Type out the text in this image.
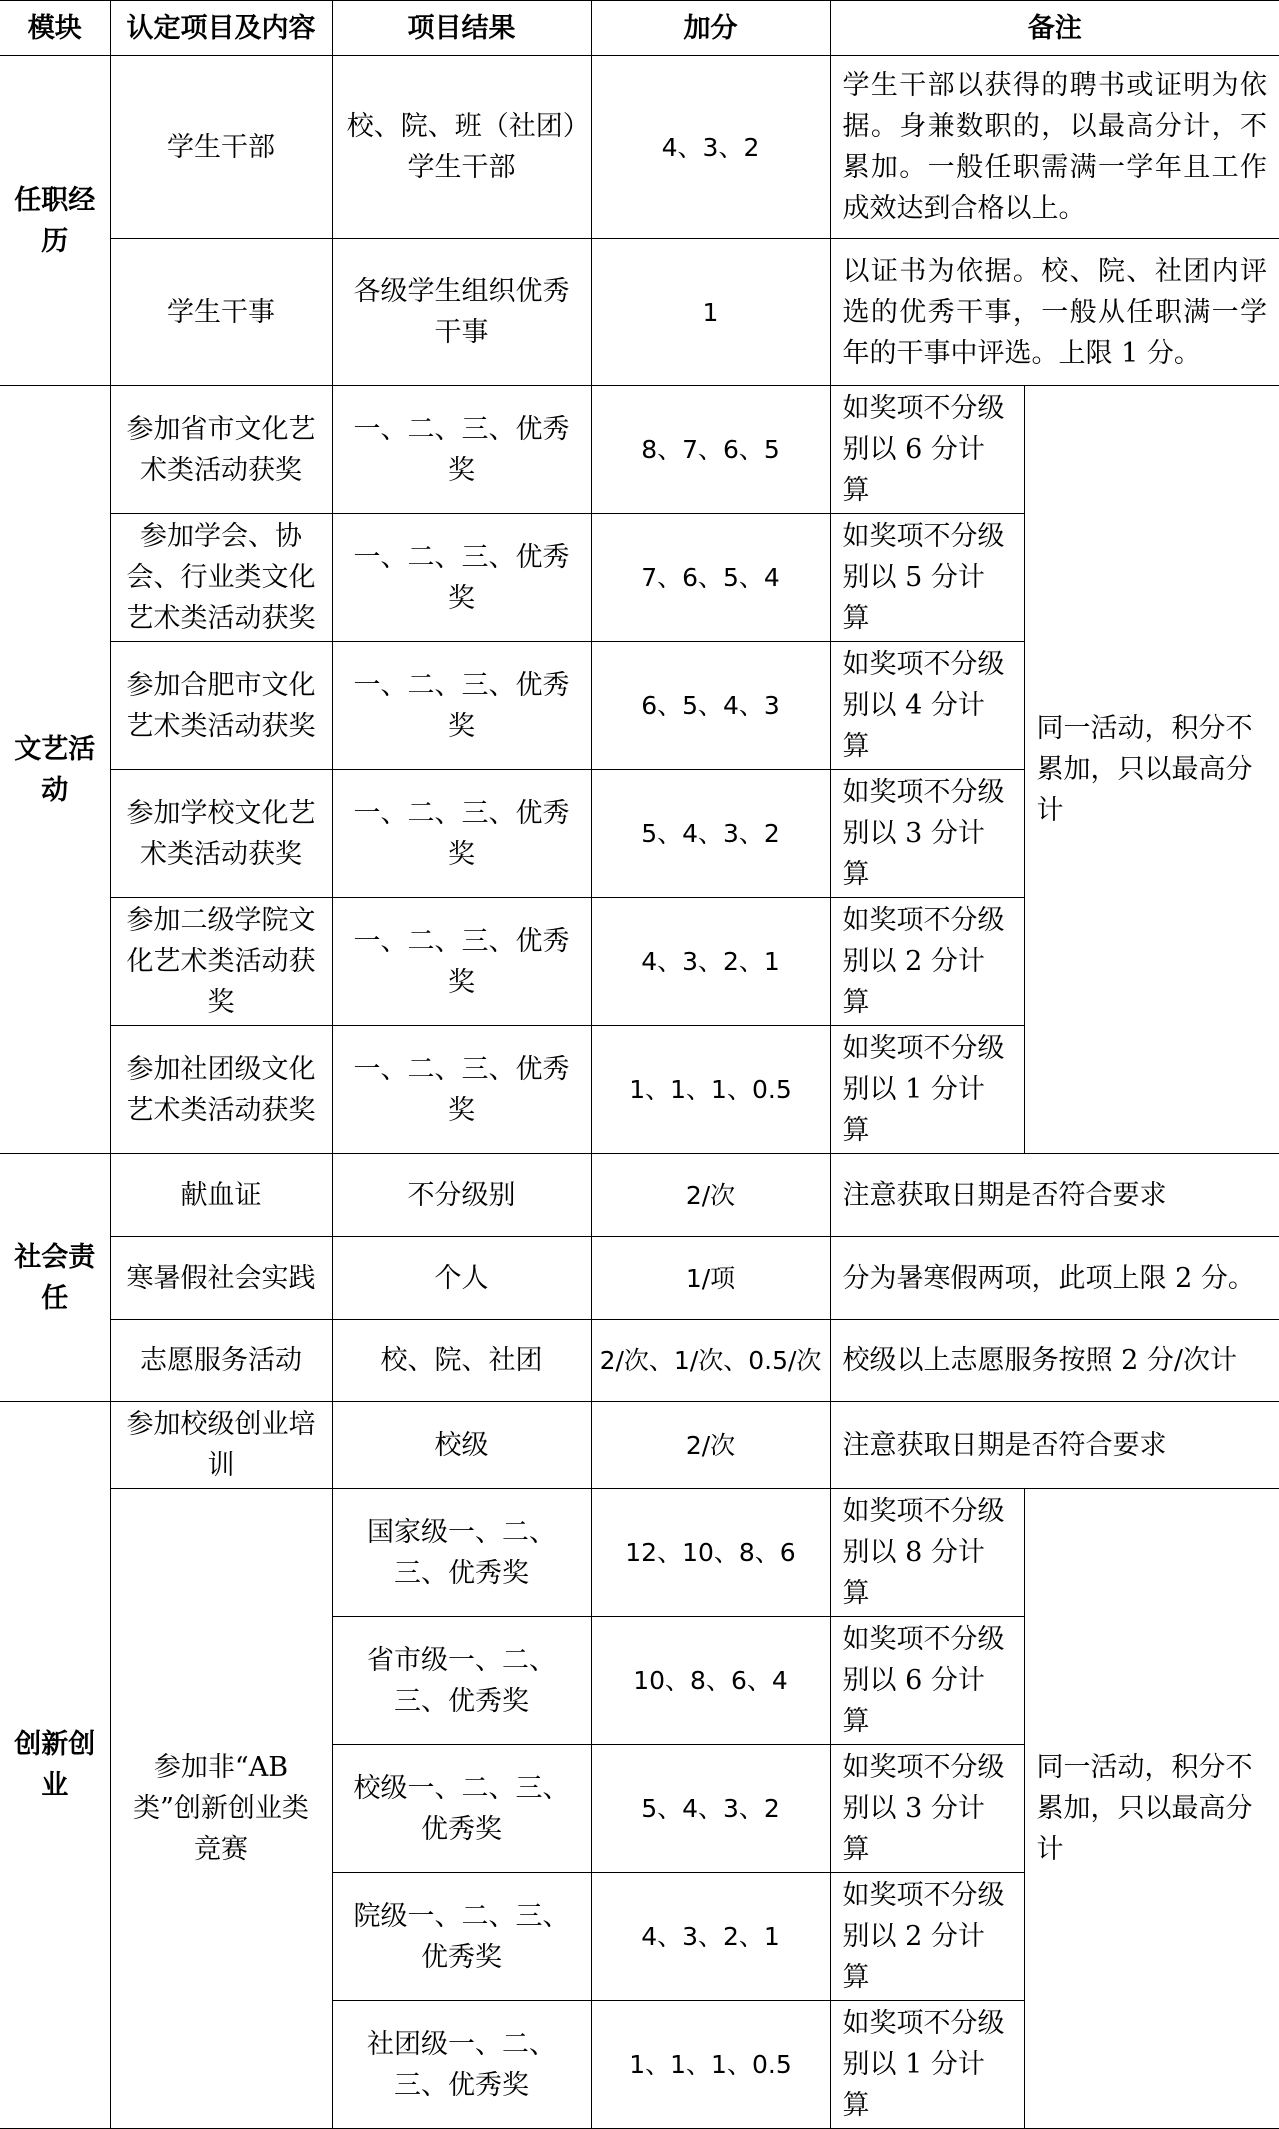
模块	认定项目及内容	项目结果	加分	备注	
任职经历	学生干部	校、院、班（社团）学生干部	4、3、2	学生干部以获得的聘书或证明为依据。身兼数职的，以最高分计，不累加。一般任职需满一学年且工作成效达到合格以上。	
	学生干事	各级学生组织优秀干事	1	以证书为依据。校、院、社团内评选的优秀干事，一般从任职满一学年的干事中评选。上限 1 分。	
文艺活动	参加省市文化艺术类活动获奖	一、二、三、优秀奖	8、7、6、5	如奖项不分级别以 6 分计算	同一活动，积分不累加，只以最高分计
	参加学会、协会、行业类文化艺术类活动获奖	一、二、三、优秀奖	7、6、5、4	如奖项不分级别以 5 分计算	
	参加合肥市文化艺术类活动获奖	一、二、三、优秀奖	6、5、4、3	如奖项不分级别以 4 分计算	
	参加学校文化艺术类活动获奖	一、二、三、优秀奖	5、4、3、2	如奖项不分级别以 3 分计算	
	参加二级学院文化艺术类活动获奖	一、二、三、优秀奖	4、3、2、1	如奖项不分级别以 2 分计算	
	参加社团级文化艺术类活动获奖	一、二、三、优秀奖	1、1、1、0.5	如奖项不分级别以 1 分计算	
社会责任	献血证	不分级别	2/次	注意获取日期是否符合要求	
	寒暑假社会实践	个人	1/项	分为暑寒假两项，此项上限 2 分。	
	志愿服务活动	校、院、社团	2/次、1/次、0.5/次	校级以上志愿服务按照 2 分/次计	
创新创业	参加校级创业培训	校级	2/次	注意获取日期是否符合要求	
	参加非“AB 类”创新创业类竞赛	国家级一、二、三、优秀奖	12、10、8、6	如奖项不分级别以 8 分计算	同一活动，积分不累加，只以最高分计
		省市级一、二、三、优秀奖	10、8、6、4	如奖项不分级别以 6 分计算	
		校级一、二、三、优秀奖	5、4、3、2	如奖项不分级别以 3 分计算	
		院级一、二、三、优秀奖	4、3、2、1	如奖项不分级别以 2 分计算	
		社团级一、二、三、优秀奖	1、1、1、0.5	如奖项不分级别以 1 分计算	
